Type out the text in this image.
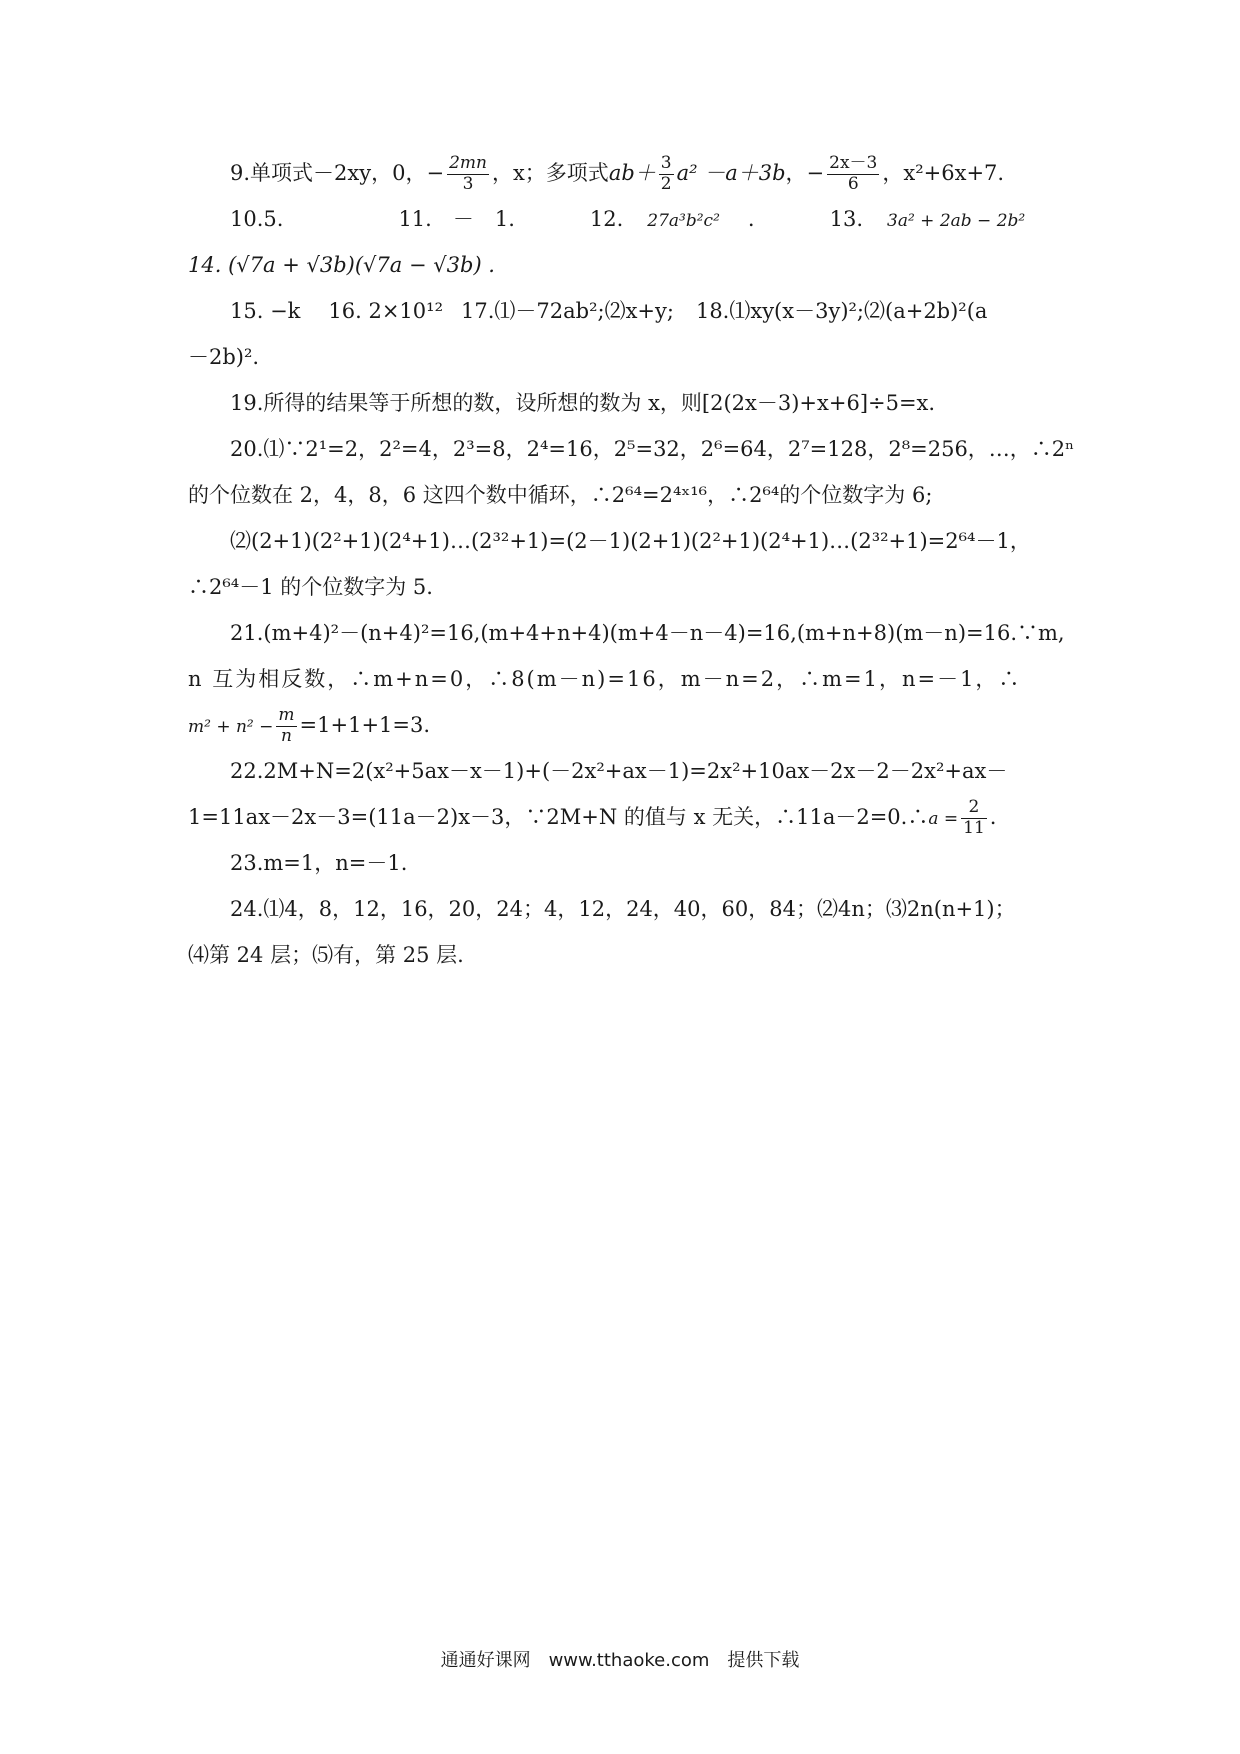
9.单项式－2xy，0，− $\frac{2mn}{3}$ ，x；多项式$ab+ \frac{3}{2} a^2 -a+3b$，− $\frac{2x-3}{6}$ ，x²+6x+7.
10.5.	11.　－　1.	12. 27a³b²c² .	13. 3a² + 2ab − 2b²
14. (√7a + √3b)(√7a − √3b) .
15. −k 16. 2×10¹² 17.⑴－72ab²;⑵x+y; 18.⑴xy(x－3y)²;⑵(a+2b)²(a
－2b)².
19.所得的结果等于所想的数，设所想的数为 x，则[2(2x－3)+x+6]÷5=x.
20.⑴∵2¹=2，2²=4，2³=8，2⁴=16，2⁵=32，2⁶=64，2⁷=128，2⁸=256，…，∴2ⁿ
的个位数在 2，4，8，6 这四个数中循环，∴2⁶⁴=2⁴ˣ¹⁶，∴2⁶⁴的个位数字为 6;
⑵(2+1)(2²+1)(2⁴+1)…(2³²+1)=(2－1)(2+1)(2²+1)(2⁴+1)…(2³²+1)=2⁶⁴－1，
∴2⁶⁴－1 的个位数字为 5.
21.(m+4)²－(n+4)²=16,(m+4+n+4)(m+4－n－4)=16,(m+n+8)(m－n)=16.∵m,
n 互为相反数，∴m+n=0，∴8(m－n)=16，m－n=2，∴m=1，n=－1，∴
$m^2 + n^2 - \frac{m}{n} =1+1+1=3$.
22.2M+N=2(x²+5ax－x－1)+(－2x²+ax－1)=2x²+10ax－2x－2－2x²+ax－
1=11ax－2x－3=(11a－2)x－3，∵2M+N 的值与 x 无关，∴11a－2=0.∴a = $\frac{2}{11}$ .
23.m=1，n=－1.
24.⑴4，8，12，16，20，24；4，12，24，40，60，84；⑵4n；⑶2n(n+1)；
⑷第 24 层；⑸有，第 25 层.
通通好课网　www.tthaoke.com　提供下载
